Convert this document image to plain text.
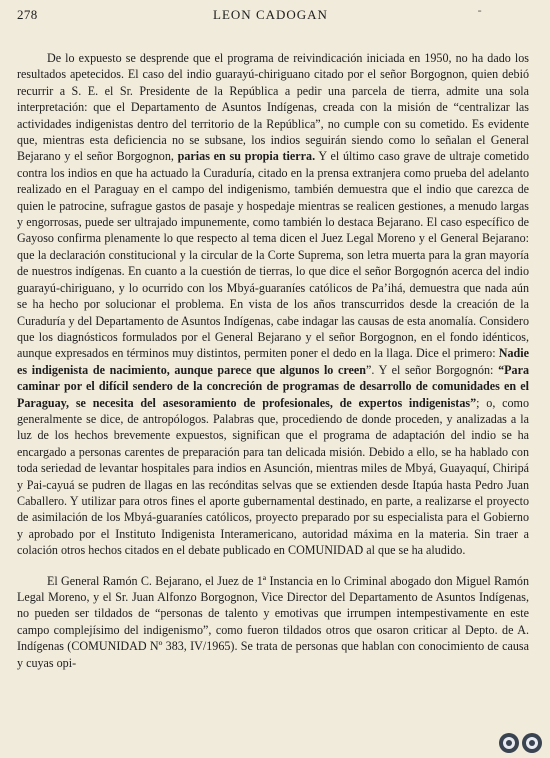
278	LEON CADOGAN	-

De lo expuesto se desprende que el programa de reivindicación iniciada en 1950, no ha dado los resultados apetecidos. El caso del indio guarayú-chiriguano citado por el señor Borgognon, quien debió recurrir a S. E. el Sr. Presidente de la República a pedir una parcela de tierra, admite una sola interpretación: que el Departamento de Asuntos Indígenas, creada con la misión de “centralizar las actividades indigenistas dentro del territorio de la República”, no cumple con su cometido. Es evidente que, mientras esta deficiencia no se subsane, los indios seguirán siendo como lo señalan el General Bejarano y el señor Borgognon, parias en su propia tierra. Y el último caso grave de ultraje cometido contra los indios en que ha actuado la Curaduría, citado en la prensa extranjera como prueba del adelanto realizado en el Paraguay en el campo del indigenismo, también demuestra que el indio que carezca de quien le patrocine, sufrague gastos de pasaje y hospedaje mientras se realicen gestiones, a menudo largas y engorrosas, puede ser ultrajado impunemente, como también lo destaca Bejarano. El caso específico de Gayoso confirma plenamente lo que respecto al tema dicen el Juez Legal Moreno y el General Bejarano: que la declaración constitucional y la circular de la Corte Suprema, son letra muerta para la gran mayoría de nuestros indígenas. En cuanto a la cuestión de tierras, lo que dice el señor Borgognón acerca del indio guarayú-chiriguano, y lo ocurrido con los Mbyá-guaraníes católicos de Pa’ihá, demuestra que nada aún se ha hecho por solucionar el problema. En vista de los años transcurridos desde la creación de la Curaduría y del Departamento de Asuntos Indígenas, cabe indagar las causas de esta anomalía. Considero que los diagnósticos formulados por el General Bejarano y el señor Borgognon, en el fondo idénticos, aunque expresados en términos muy distintos, permiten poner el dedo en la llaga. Dice el primero: Nadie es indigenista de nacimiento, aunque parece que algunos lo creen”. Y el señor Borgognón: “Para caminar por el difícil sendero de la concreción de programas de desarrollo de comunidades en el Paraguay, se necesita del asesoramiento de profesionales, de expertos indigenistas”; o, como generalmente se dice, de antropólogos. Palabras que, procediendo de donde proceden, y analizadas a la luz de los hechos brevemente expuestos, significan que el programa de adaptación del indio se ha encargado a personas carentes de preparación para tan delicada misión. Debido a ello, se ha hablado con toda seriedad de levantar hospitales para indios en Asunción, mientras miles de Mbyá, Guayaquí, Chiripá y Pai-cayuá se pudren de llagas en las recónditas selvas que se extienden desde Itapúa hasta Pedro Juan Caballero. Y utilizar para otros fines el aporte gubernamental destinado, en parte, a realizarse el proyecto de asimilación de los Mbyá-guaraníes católicos, proyecto preparado por su especialista para el Gobierno y aprobado por el Instituto Indigenista Interamericano, autoridad máxima en la materia. Sin traer a colación otros hechos citados en el debate publicado en COMUNIDAD al que se ha aludido.

El General Ramón C. Bejarano, el Juez de 1ª Instancia en lo Criminal abogado don Miguel Ramón Legal Moreno, y el Sr. Juan Alfonzo Borgognon, Vice Director del Departamento de Asuntos Indígenas, no pueden ser tildados de “personas de talento y emotivas que irrumpen intempestivamente en este campo complejísimo del indigenismo”, como fueron tildados otros que osaron criticar al Depto. de A. Indígenas (COMUNIDAD Nº 383, IV/1965). Se trata de personas que hablan con conocimiento de causa y cuyas opi-
